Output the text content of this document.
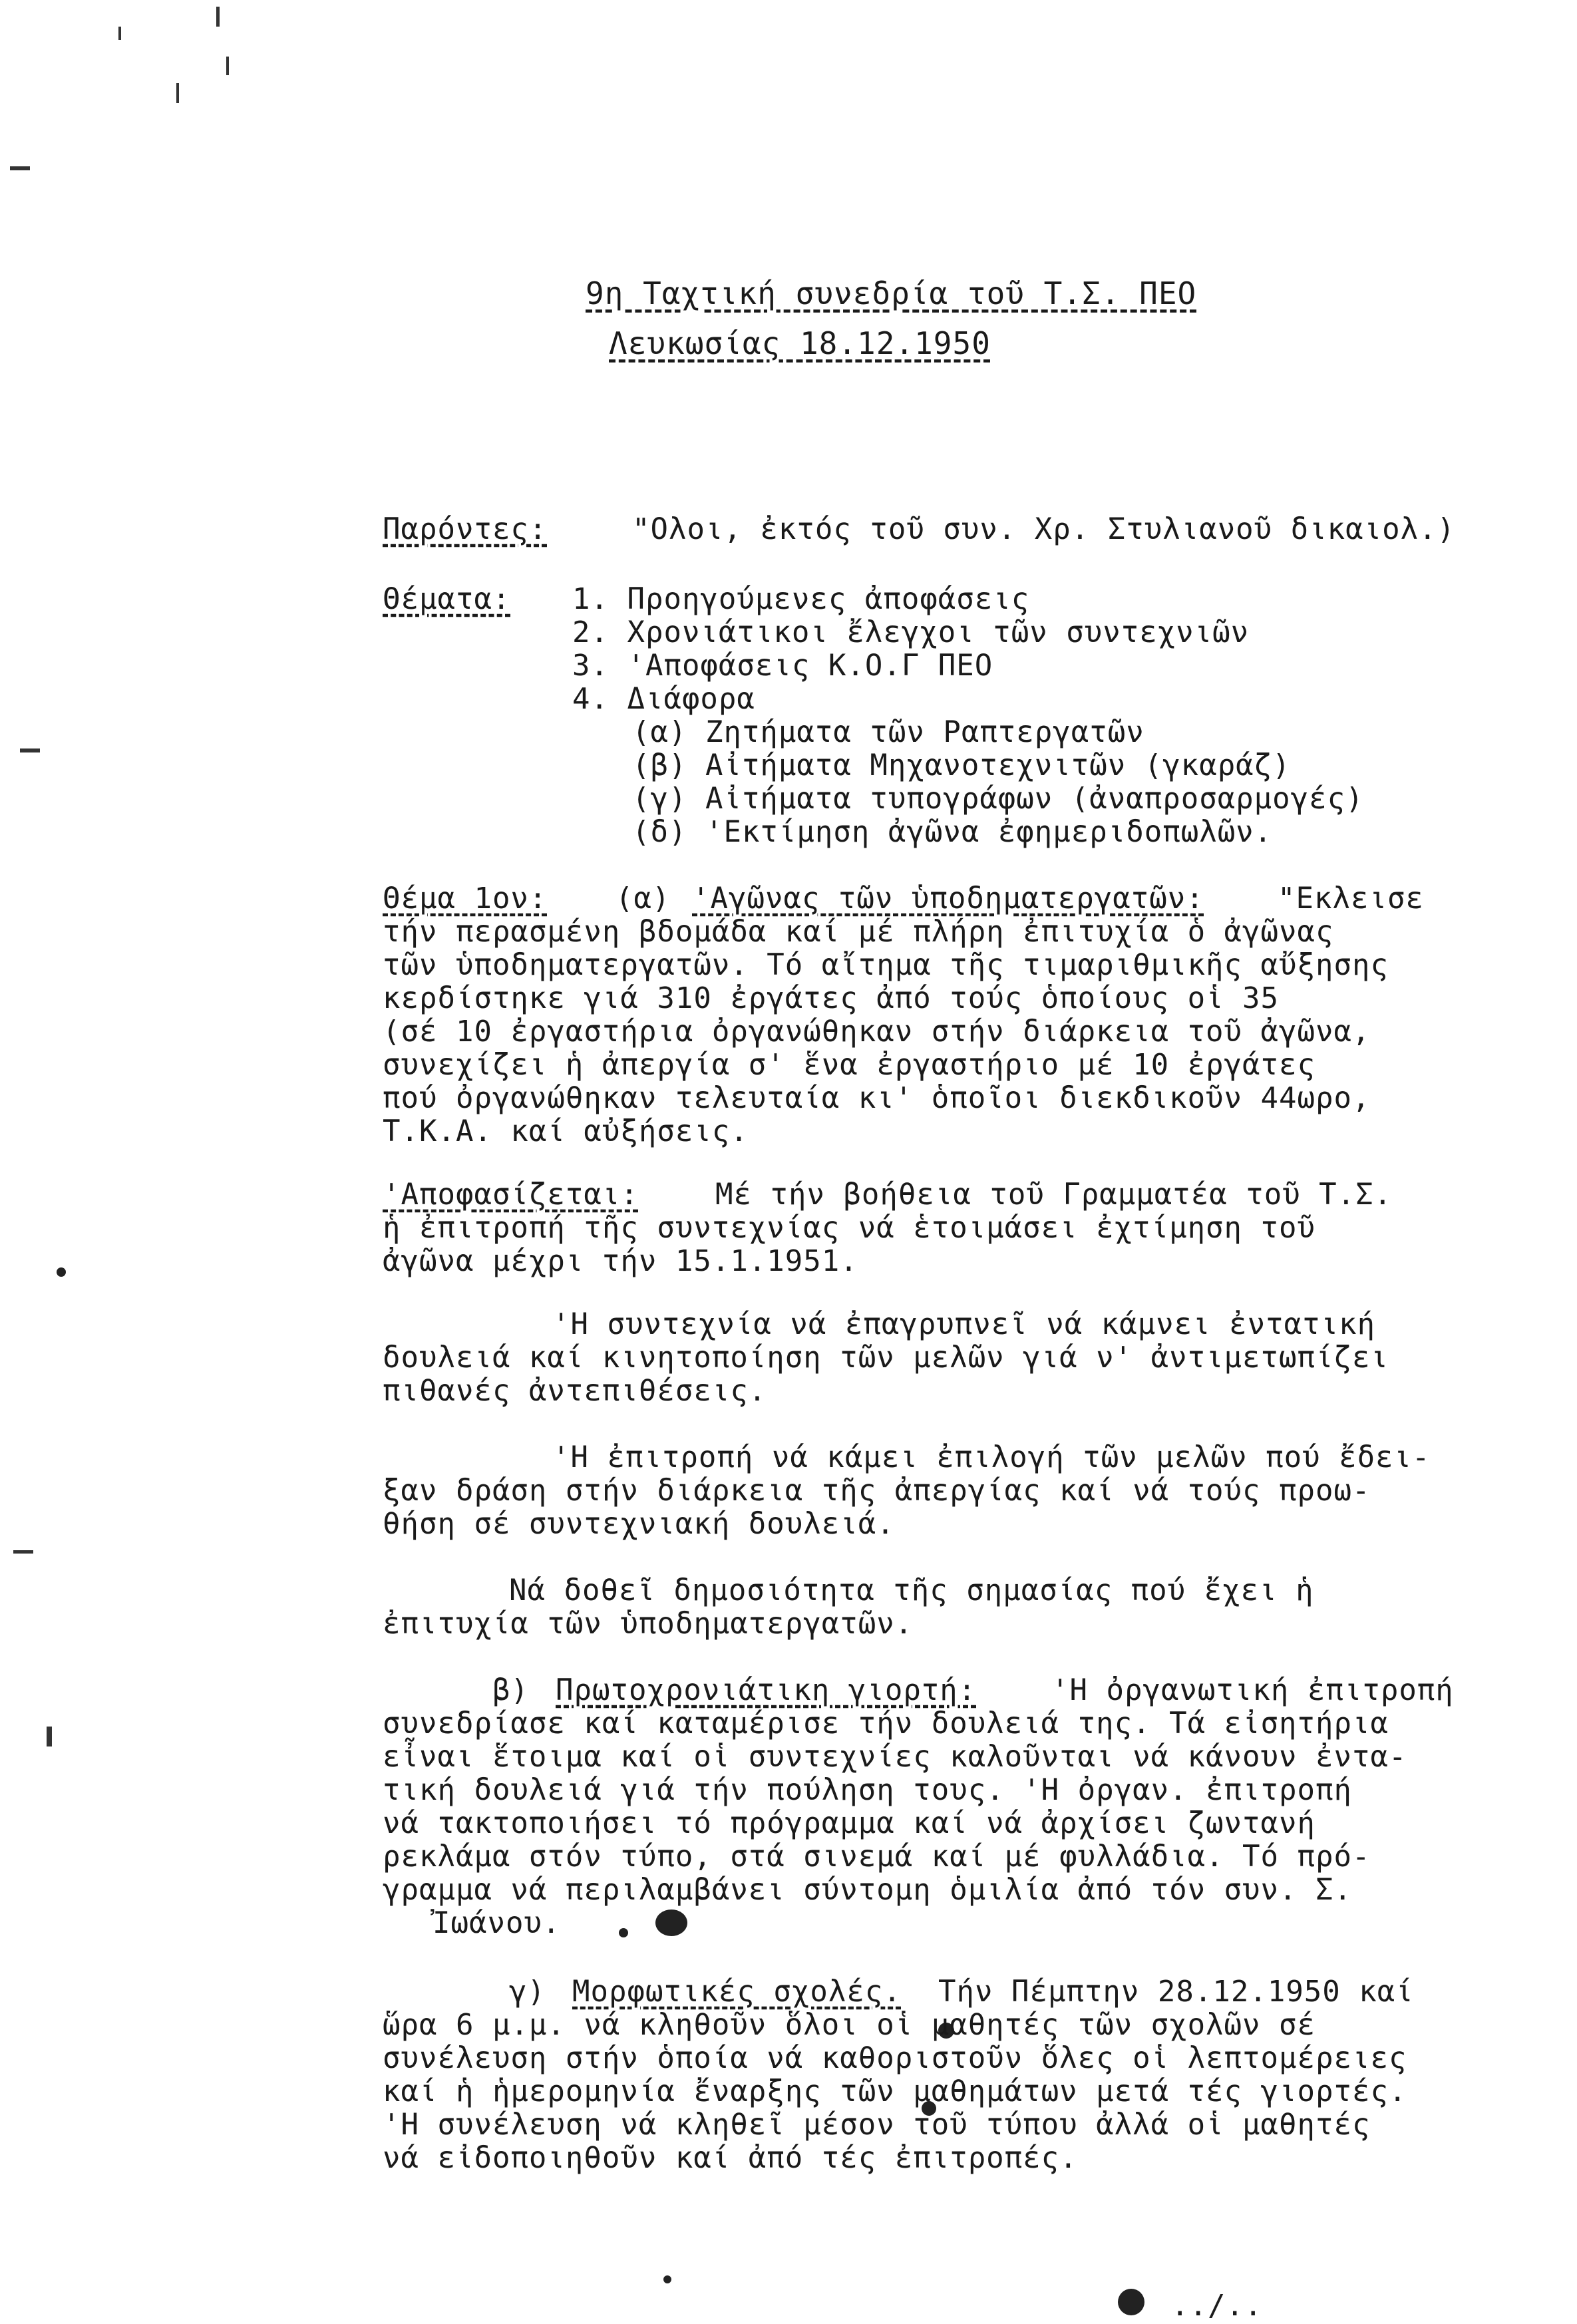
9η Ταχτική συνεδρία τοῦ Τ.Σ. ΠΕΟ
Λευκωσίας 18.12.1950
Παρόντες:	"Ολοι, ἐκτός τοῦ συν. Χρ. Στυλιανοῦ δικαιολ.)
Θέματα: 1. Προηγούμενες ἀποφάσεις
2. Χρονιάτικοι ἔλεγχοι τῶν συντεχνιῶν
3. 'Αποφάσεις Κ.Ο.Γ ΠΕΟ
4. Διάφορα
(α) Ζητήματα τῶν Ραπτεργατῶν
(β) Αἰτήματα Μηχανοτεχνιτῶν (γκαράζ)
(γ) Αἰτήματα τυπογράφων (ἀναπροσαρμογές)
(δ) 'Εκτίμηση ἀγῶνα ἐφημεριδοπωλῶν.
Θέμα 1ον: (α) 'Αγῶνας τῶν ὑποδηματεργατῶν:	"Εκλεισε
τήν περασμένη βδομάδα καί μέ πλήρη ἐπιτυχία ὁ ἀγῶνας
τῶν ὑποδηματεργατῶν. Τό αἴτημα τῆς τιμαριθμικῆς αὔξησης
κερδίστηκε γιά 310 ἐργάτες ἀπό τούς ὁποίους οἱ 35
(σέ 10 ἐργαστήρια ὀργανώθηκαν στήν διάρκεια τοῦ ἀγῶνα,
συνεχίζει ἡ ἀπεργία σ' ἕνα ἐργαστήριο μέ 10 ἐργάτες
πού ὀργανώθηκαν τελευταία κι' ὁποῖοι διεκδικοῦν 44ωρο,
Τ.Κ.Α. καί αὐξήσεις.
'Αποφασίζεται:	Μέ τήν βοήθεια τοῦ Γραμματέα τοῦ Τ.Σ.
ἡ ἐπιτροπή τῆς συντεχνίας νά ἑτοιμάσει ἐχτίμηση τοῦ
ἀγῶνα μέχρι τήν 15.1.1951.
'Η συντεχνία νά ἐπαγρυπνεῖ νά κάμνει ἐντατική
δουλειά καί κινητοποίηση τῶν μελῶν γιά ν' ἀντιμετωπίζει
πιθανές ἀντεπιθέσεις.
'Η ἐπιτροπή νά κάμει ἐπιλογή τῶν μελῶν πού ἔδει-
ξαν δράση στήν διάρκεια τῆς ἀπεργίας καί νά τούς προω-
θήση σέ συντεχνιακή δουλειά.
Νά δοθεῖ δημοσιότητα τῆς σημασίας πού ἔχει ἡ
ἐπιτυχία τῶν ὑποδηματεργατῶν.
β) Πρωτοχρονιάτικη γιορτή:	'Η ὀργανωτική ἐπιτροπή
συνεδρίασε καί καταμέρισε τήν δουλειά της. Τά εἰσητήρια
εἶναι ἕτοιμα καί οἱ συντεχνίες καλοῦνται νά κάνουν ἐντα-
τική δουλειά γιά τήν πούληση τους. 'Η ὀργαν. ἐπιτροπή
νά τακτοποιήσει τό πρόγραμμα καί νά ἀρχίσει ζωντανή
ρεκλάμα στόν τύπο, στά σινεμά καί μέ φυλλάδια. Τό πρό-
γραμμα νά περιλαμβάνει σύντομη ὁμιλία ἀπό τόν συν. Σ.
Ἰωάνου.
γ) Μορφωτικές σχολές. Τήν Πέμπτην 28.12.1950 καί
ὥρα 6 μ.μ. νά κληθοῦν ὅλοι οἱ μαθητές τῶν σχολῶν σέ
συνέλευση στήν ὁποία νά καθοριστοῦν ὅλες οἱ λεπτομέρειες
καί ἡ ἡμερομηνία ἔναρξης τῶν μαθημάτων μετά τές γιορτές.
'Η συνέλευση νά κληθεῖ μέσον τοῦ τύπου ἀλλά οἱ μαθητές
νά εἰδοποιηθοῦν καί ἀπό τές ἐπιτροπές.
../..
